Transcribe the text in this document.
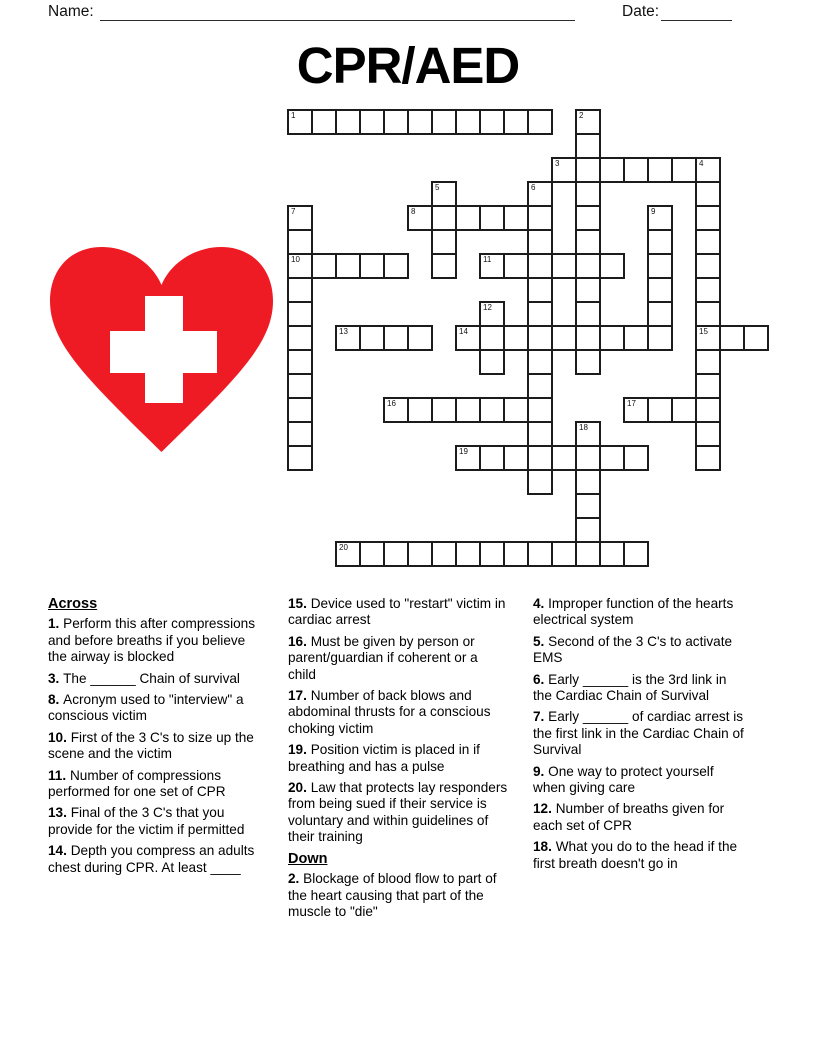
Name:	Date:
CPR/AED
1	2
3	4
5	6
7	8	9
10	11
12
13	14	15
16	17
18
19
20
Across

1. Perform this after compressions and before breaths if you believe the airway is blocked

3. The ______ Chain of survival

8. Acronym used to "interview" a conscious victim

10. First of the 3 C's to size up the scene and the victim

11. Number of compressions performed for one set of CPR

13. Final of the 3 C's that you provide for the victim if permitted

14. Depth you compress an adults chest during CPR. At least ____

15. Device used to "restart" victim in cardiac arrest

16. Must be given by person or parent/guardian if coherent or a child

17. Number of back blows and abdominal thrusts for a conscious choking victim

19. Position victim is placed in if breathing and has a pulse

20. Law that protects lay responders from being sued if their service is voluntary and within guidelines of their training

Down

2. Blockage of blood flow to part of the heart causing that part of the muscle to "die"

4. Improper function of the hearts electrical system

5. Second of the 3 C's to activate EMS

6. Early ______ is the 3rd link in the Cardiac Chain of Survival

7. Early ______ of cardiac arrest is the first link in the Cardiac Chain of Survival

9. One way to protect yourself when giving care

12. Number of breaths given for each set of CPR

18. What you do to the head if the first breath doesn't go in
